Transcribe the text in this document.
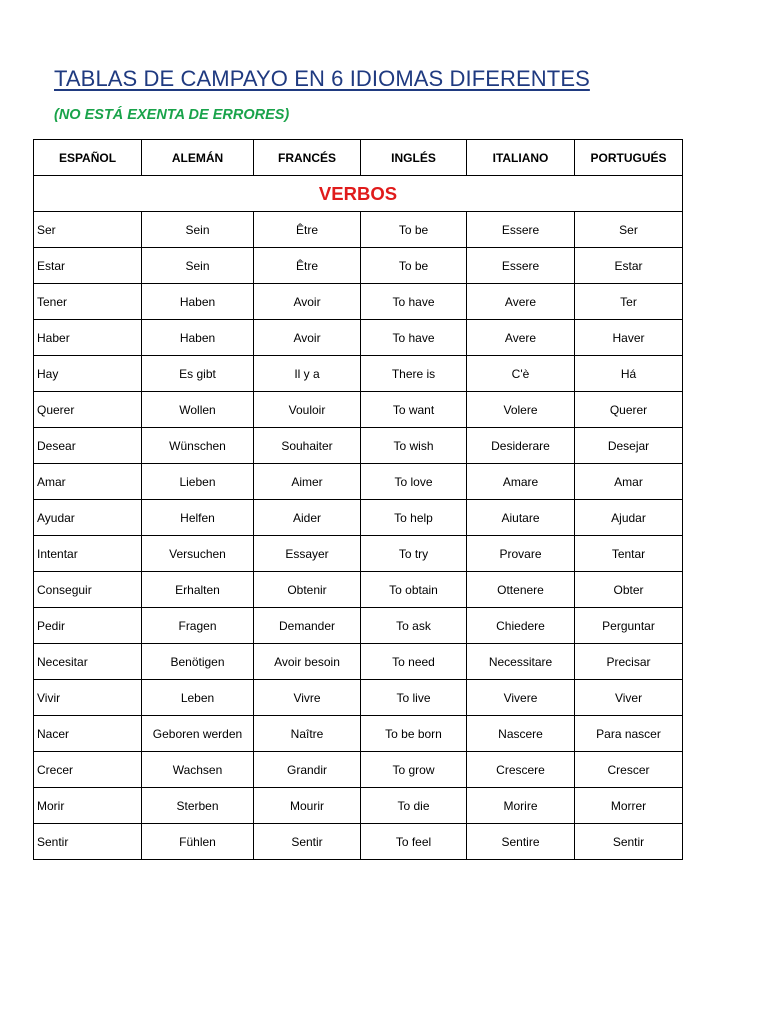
TABLAS DE CAMPAYO EN 6 IDIOMAS DIFERENTES
(NO ESTÁ EXENTA DE ERRORES)
ESPAÑOL	ALEMÁN	FRANCÉS	INGLÉS	ITALIANO	PORTUGUÉS
VERBOS					
Ser	Sein	Être	To be	Essere	Ser
Estar	Sein	Être	To be	Essere	Estar
Tener	Haben	Avoir	To have	Avere	Ter
Haber	Haben	Avoir	To have	Avere	Haver
Hay	Es gibt	Il y a	There is	C'è	Há
Querer	Wollen	Vouloir	To want	Volere	Querer
Desear	Wünschen	Souhaiter	To wish	Desiderare	Desejar
Amar	Lieben	Aimer	To love	Amare	Amar
Ayudar	Helfen	Aider	To help	Aiutare	Ajudar
Intentar	Versuchen	Essayer	To try	Provare	Tentar
Conseguir	Erhalten	Obtenir	To obtain	Ottenere	Obter
Pedir	Fragen	Demander	To ask	Chiedere	Perguntar
Necesitar	Benötigen	Avoir besoin	To need	Necessitare	Precisar
Vivir	Leben	Vivre	To live	Vivere	Viver
Nacer	Geboren werden	Naître	To be born	Nascere	Para nascer
Crecer	Wachsen	Grandir	To grow	Crescere	Crescer
Morir	Sterben	Mourir	To die	Morire	Morrer
Sentir	Fühlen	Sentir	To feel	Sentire	Sentir
